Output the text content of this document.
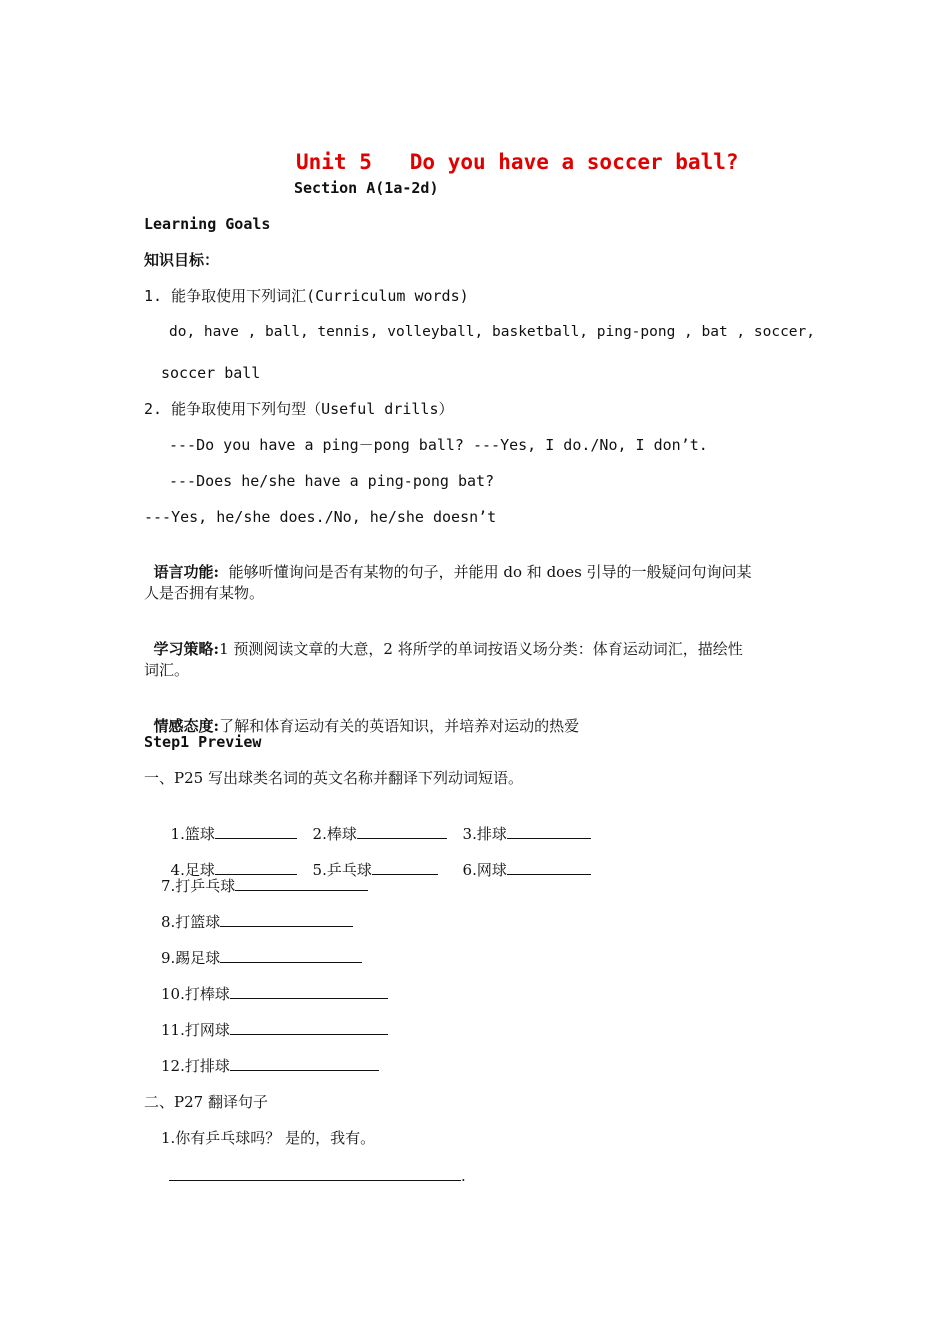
Unit 5   Do you have a soccer ball?
Section A(1a-2d)
Learning Goals
知识目标：
1. 能争取使用下列词汇(Curriculum words)
do, have , ball, tennis, volleyball, basketball, ping-pong , bat , soccer,
soccer ball
2. 能争取使用下列句型（Useful drills）
---Do you have a ping－pong ball? ---Yes, I do./No, I don’t.
---Does he/she have a ping-pong bat?
---Yes, he/she does./No, he/she doesn’t

语言功能:  能够听懂询问是否有某物的句子，并能用 do 和 does 引导的一般疑问句询问某

人是否拥有某物。

学习策略:1 预测阅读文章的大意，2 将所学的单词按语义场分类：体育运动词汇，描绘性

词汇。

情感态度:了解和体育运动有关的英语知识，并培养对运动的热爱

Step1 Preview
一、P25 写出球类名词的英文名称并翻译下列动词短语。

1.篮球	2.棒球	3.排球

4.足球	5.乒乓球	6.网球

7.打乒乓球
8.打篮球
9.踢足球
10.打棒球
11.打网球
12.打排球
二、P27 翻译句子
1.你有乒乓球吗？ 是的，我有。
.
